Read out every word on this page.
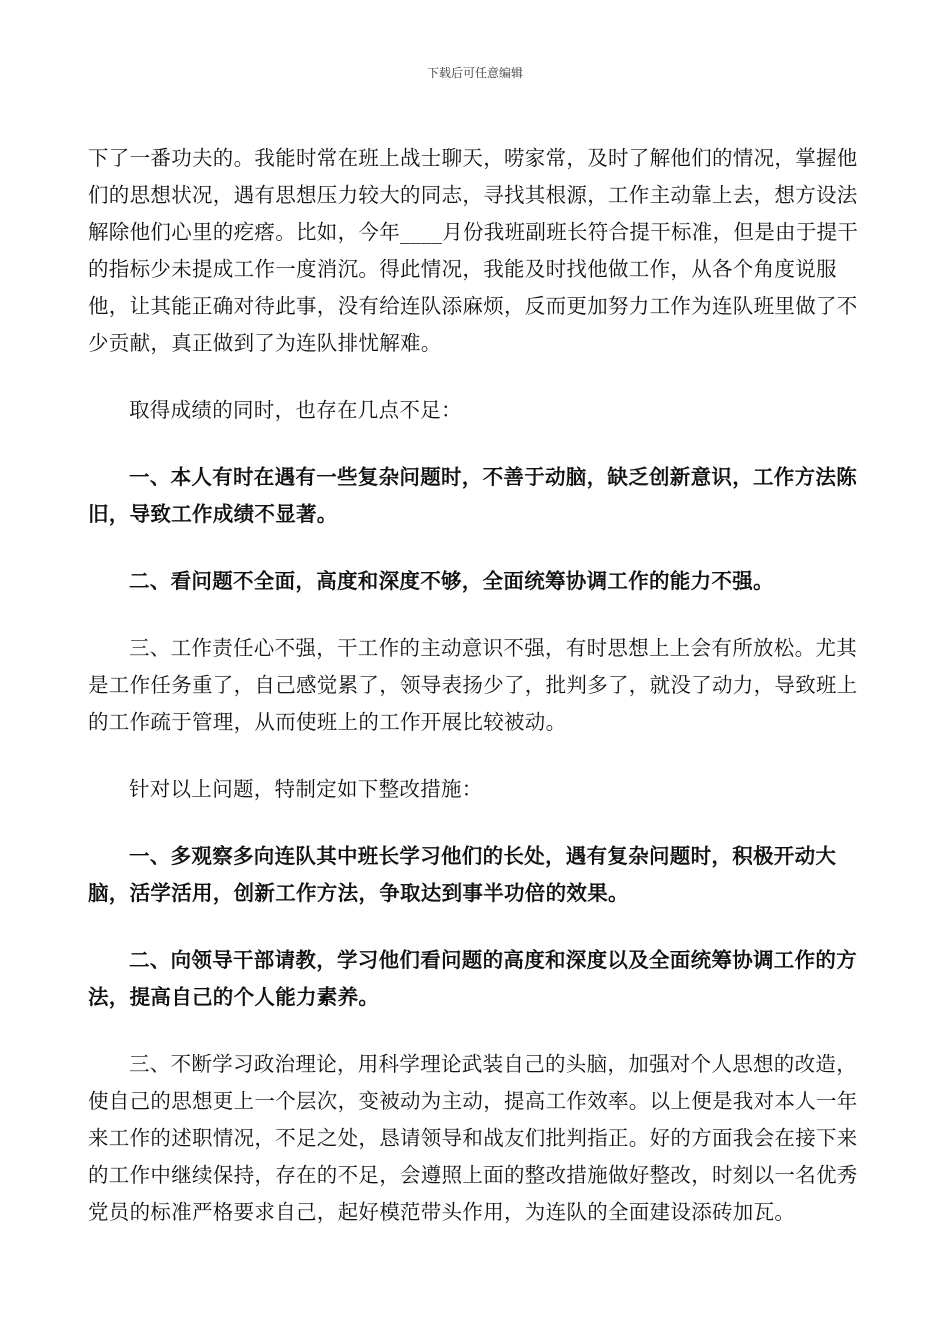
下载后可任意编辑

下了一番功夫的。我能时常在班上战士聊天，唠家常，及时了解他们的情况，掌握他们的思想状况，遇有思想压力较大的同志，寻找其根源，工作主动靠上去，想方设法解除他们心里的疙瘩。比如，今年____月份我班副班长符合提干标准，但是由于提干的指标少未提成工作一度消沉。得此情况，我能及时找他做工作，从各个角度说服他，让其能正确对待此事，没有给连队添麻烦，反而更加努力工作为连队班里做了不少贡献，真正做到了为连队排忧解难。

取得成绩的同时，也存在几点不足：

一、本人有时在遇有一些复杂问题时，不善于动脑，缺乏创新意识，工作方法陈旧，导致工作成绩不显著。

二、看问题不全面，高度和深度不够，全面统筹协调工作的能力不强。

三、工作责任心不强，干工作的主动意识不强，有时思想上上会有所放松。尤其是工作任务重了，自己感觉累了，领导表扬少了，批判多了，就没了动力，导致班上的工作疏于管理，从而使班上的工作开展比较被动。

针对以上问题，特制定如下整改措施：

一、多观察多向连队其中班长学习他们的长处，遇有复杂问题时，积极开动大脑，活学活用，创新工作方法，争取达到事半功倍的效果。

二、向领导干部请教，学习他们看问题的高度和深度以及全面统筹协调工作的方法，提高自己的个人能力素养。

三、不断学习政治理论，用科学理论武装自己的头脑，加强对个人思想的改造，使自己的思想更上一个层次，变被动为主动，提高工作效率。以上便是我对本人一年来工作的述职情况，不足之处，恳请领导和战友们批判指正。好的方面我会在接下来的工作中继续保持，存在的不足，会遵照上面的整改措施做好整改，时刻以一名优秀党员的标准严格要求自己，起好模范带头作用，为连队的全面建设添砖加瓦。
